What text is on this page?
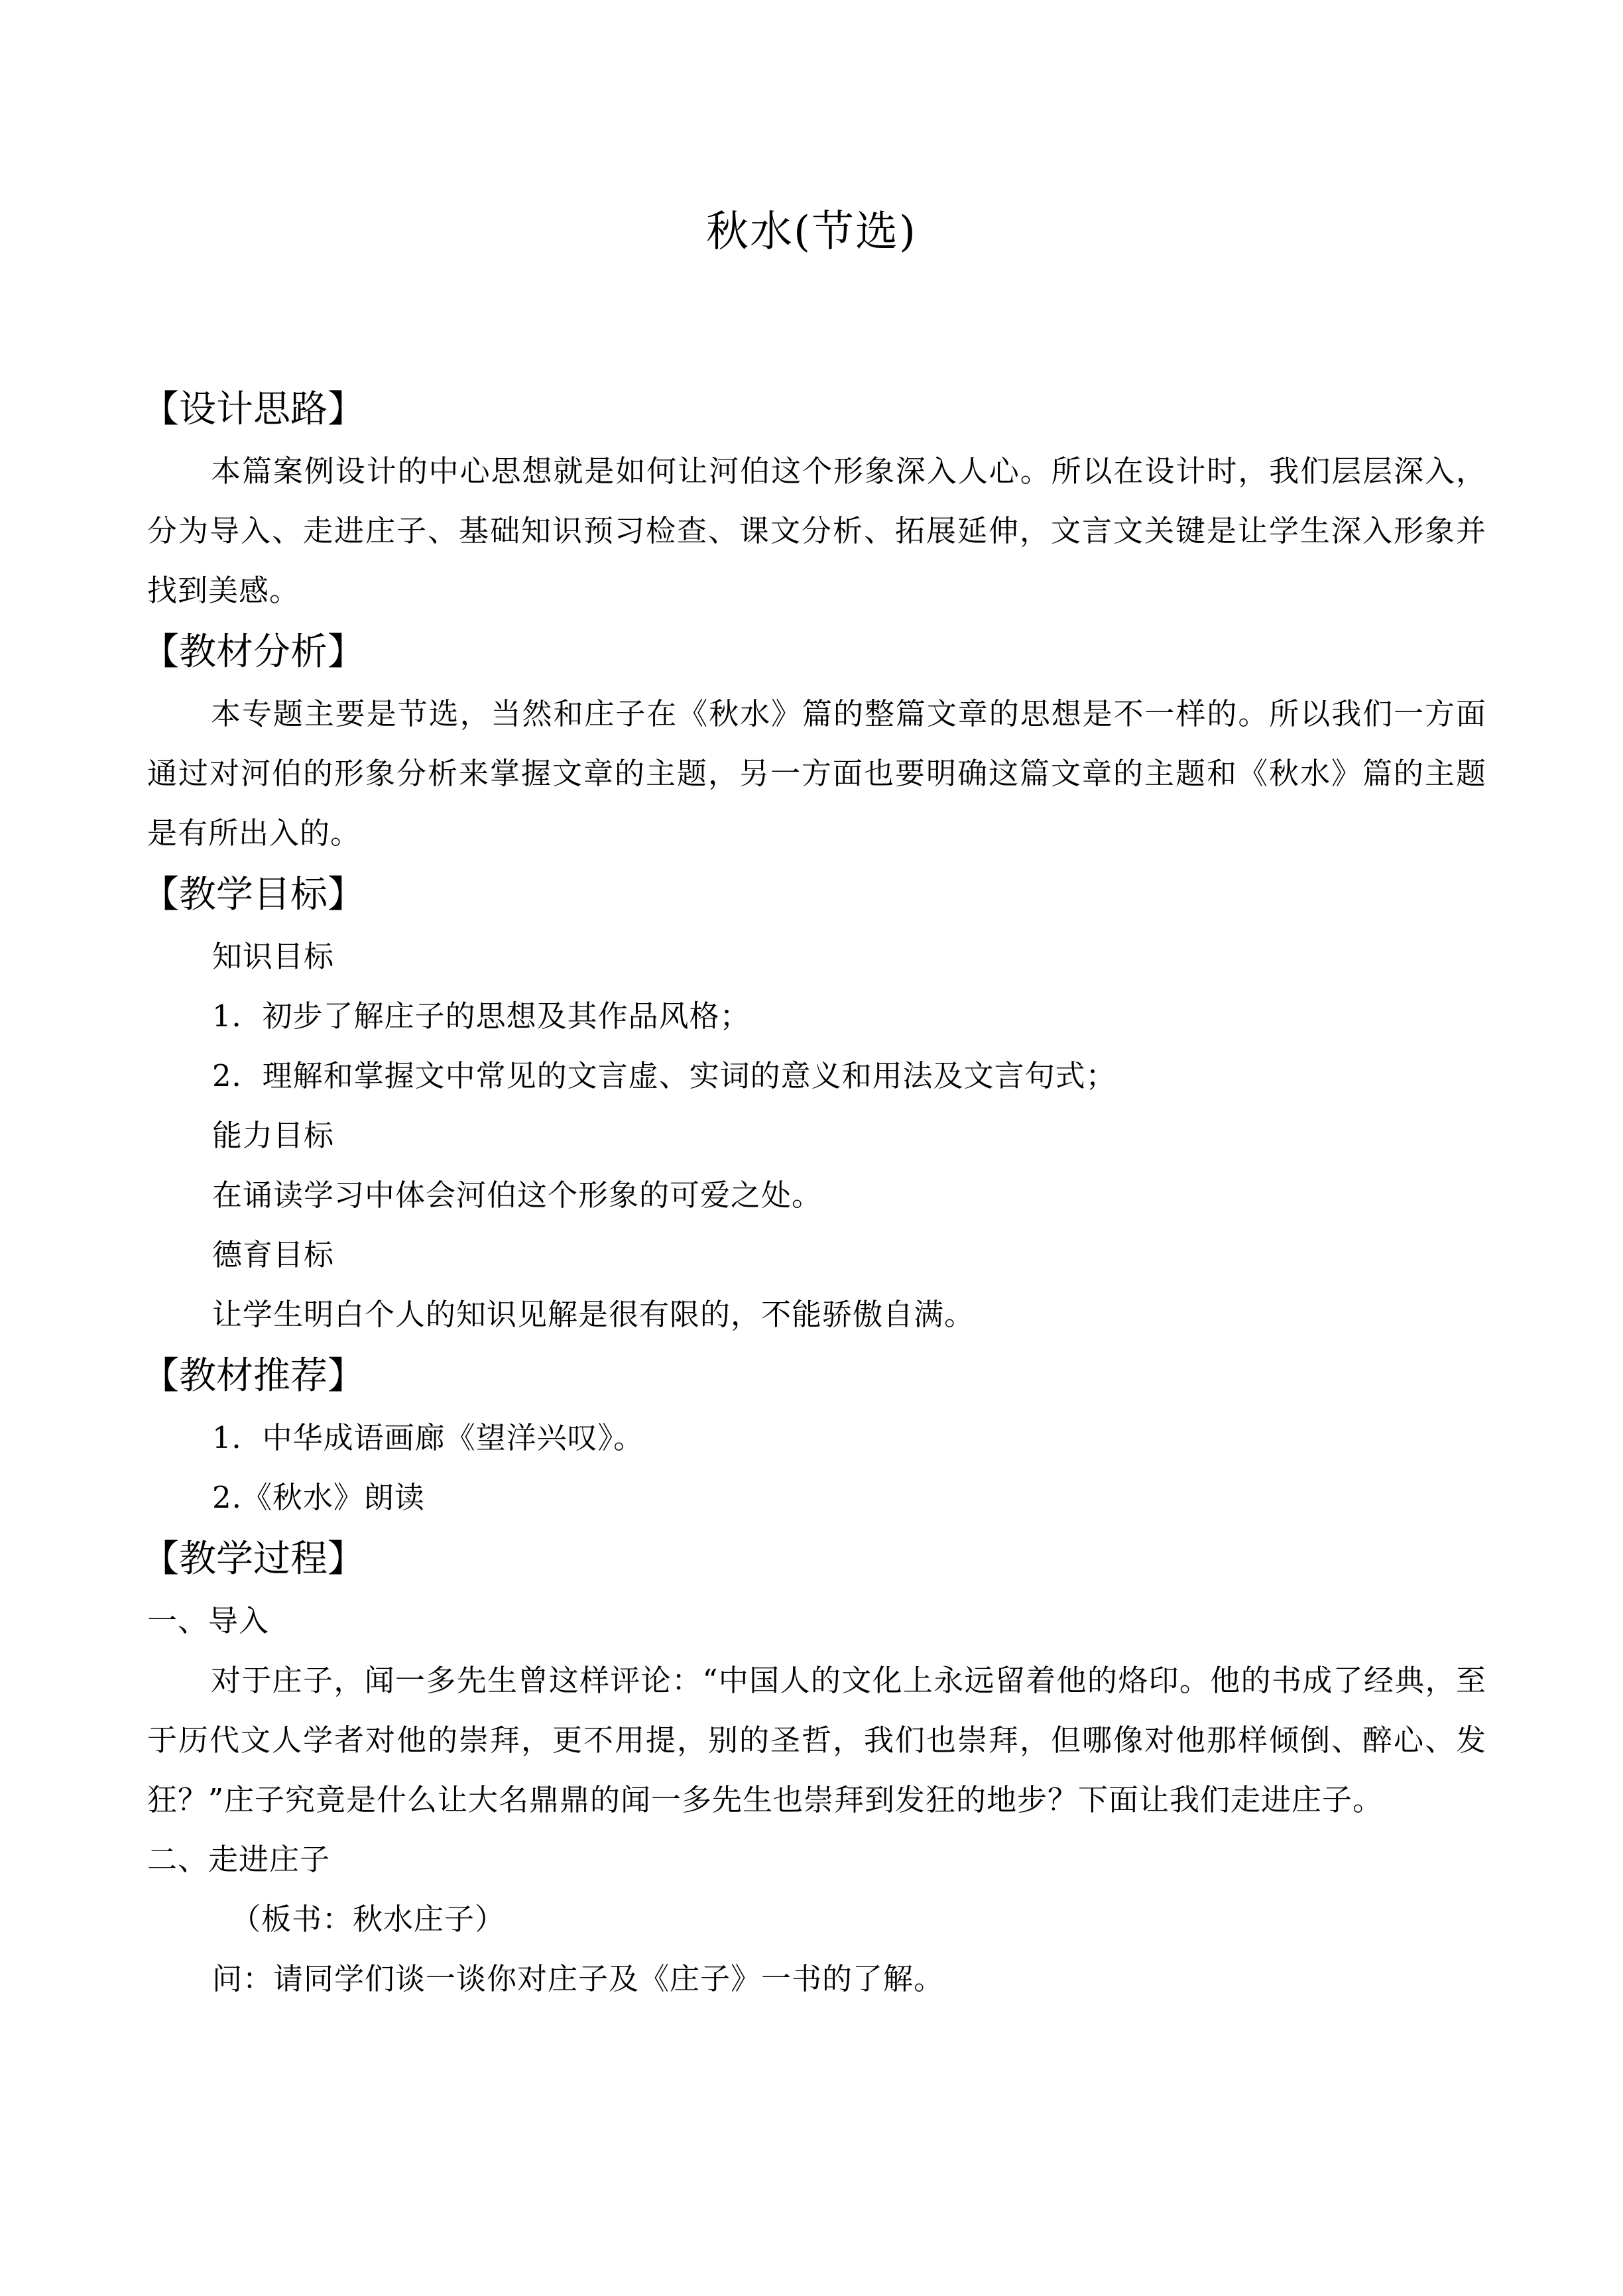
秋水(节选)
【设计思路】
本篇案例设计的中心思想就是如何让河伯这个形象深入人心。所以在设计时，我们层层深入，分为导入、走进庄子、基础知识预习检查、课文分析、拓展延伸，文言文关键是让学生深入形象并找到美感。
【教材分析】
本专题主要是节选，当然和庄子在《秋水》篇的整篇文章的思想是不一样的。所以我们一方面通过对河伯的形象分析来掌握文章的主题，另一方面也要明确这篇文章的主题和《秋水》篇的主题是有所出入的。
【教学目标】
知识目标
1．初步了解庄子的思想及其作品风格；
2．理解和掌握文中常见的文言虚、实词的意义和用法及文言句式；
能力目标
在诵读学习中体会河伯这个形象的可爱之处。
德育目标
让学生明白个人的知识见解是很有限的，不能骄傲自满。
【教材推荐】
1．中华成语画廊《望洋兴叹》。
2.《秋水》朗读
【教学过程】
一、导入
对于庄子，闻一多先生曾这样评论：“中国人的文化上永远留着他的烙印。他的书成了经典，至于历代文人学者对他的崇拜，更不用提，别的圣哲，我们也崇拜，但哪像对他那样倾倒、醉心、发狂？”庄子究竟是什么让大名鼎鼎的闻一多先生也崇拜到发狂的地步？下面让我们走进庄子。
二、走进庄子
（板书：秋水庄子）
问：请同学们谈一谈你对庄子及《庄子》一书的了解。
